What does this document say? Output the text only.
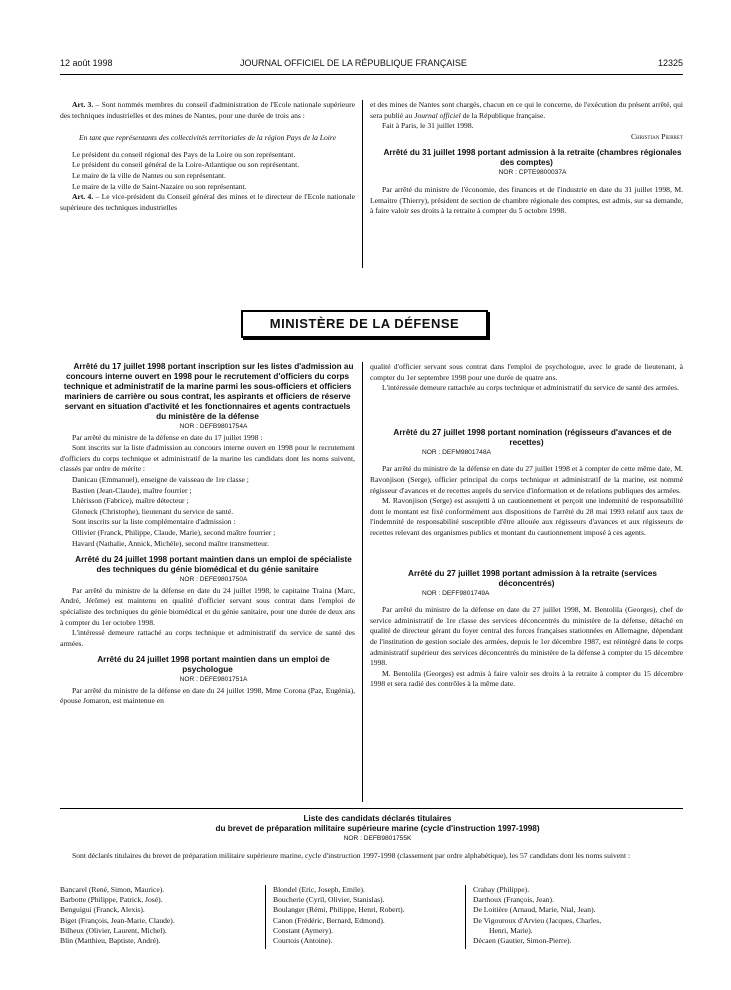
12 août 1998	JOURNAL OFFICIEL DE LA RÉPUBLIQUE FRANÇAISE	12325

Art. 3. – Sont nommés membres du conseil d'administration de l'Ecole nationale supérieure des techniques industrielles et des mines de Nantes, pour une durée de trois ans :

En tant que représentants des collectivités territoriales de la région Pays de la Loire

Le président du conseil régional des Pays de la Loire ou son représentant.

Le président du conseil général de la Loire-Atlantique ou son représentant.

Le maire de la ville de Nantes ou son représentant.

Le maire de la ville de Saint-Nazaire ou son représentant.

Art. 4. – Le vice-président du Conseil général des mines et le directeur de l'Ecole nationale supérieure des techniques industrielles

et des mines de Nantes sont chargés, chacun en ce qui le concerne, de l'exécution du présent arrêté, qui sera publié au Journal officiel de la République française.

Fait à Paris, le 31 juillet 1998.

Christian Pierret

Arrêté du 31 juillet 1998 portant admission à la retraite (chambres régionales des comptes)

NOR : CPTE9800037A

Par arrêté du ministre de l'économie, des finances et de l'industrie en date du 31 juillet 1998, M. Lemaitre (Thierry), président de section de chambre régionale des comptes, est admis, sur sa demande, à faire valoir ses droits à la retraite à compter du 5 octobre 1998.

MINISTÈRE DE LA DÉFENSE

Arrêté du 17 juillet 1998 portant inscription sur les listes d'admission au concours interne ouvert en 1998 pour le recrutement d'officiers du corps technique et administratif de la marine parmi les sous-officiers et officiers mariniers de carrière ou sous contrat, les aspirants et officiers de réserve servant en situation d'activité et les fonctionnaires et agents contractuels du ministère de la défense

NOR : DEFB9801754A

Par arrêté du ministre de la défense en date du 17 juillet 1998 :

Sont inscrits sur la liste d'admission au concours interne ouvert en 1998 pour le recrutement d'officiers du corps technique et administratif de la marine les candidats dont les noms suivent, classés par ordre de mérite :

Danicau (Emmanuel), enseigne de vaisseau de 1re classe ;

Bastien (Jean-Claude), maître fourrier ;

Lhérisson (Fabrice), maître détecteur ;

Gloneck (Christophe), lieutenant du service de santé.

Sont inscrits sur la liste complémentaire d'admission :

Ollivier (Franck, Philippe, Claude, Marie), second maître fourrier ;

Havard (Nathalie, Annick, Michèle), second maître transmetteur.

Arrêté du 24 juillet 1998 portant maintien dans un emploi de spécialiste des techniques du génie biomédical et du génie sanitaire

NOR : DEFE9801750A

Par arrêté du ministre de la défense en date du 24 juillet 1998, le capitaine Traina (Marc, André, Jérôme) est maintenu en qualité d'officier servant sous contrat dans l'emploi de spécialiste des techniques du génie biomédical et du génie sanitaire, pour une durée de deux ans à compter du 1er octobre 1998.

L'intéressé demeure rattaché au corps technique et administratif du service de santé des armées.

Arrêté du 24 juillet 1998 portant maintien dans un emploi de psychologue

NOR : DEFE9801751A

Par arrêté du ministre de la défense en date du 24 juillet 1998, Mme Corona (Paz, Eugénia), épouse Jomaron, est maintenue en

qualité d'officier servant sous contrat dans l'emploi de psychologue, avec le grade de lieutenant, à compter du 1er septembre 1998 pour une durée de quatre ans.

L'intéressée demeure rattachée au corps technique et administratif du service de santé des armées.

Arrêté du 27 juillet 1998 portant nomination (régisseurs d'avances et de recettes)

NOR : DEFM9801748A

Par arrêté du ministre de la défense en date du 27 juillet 1998 et à compter de cette même date, M. Ravonjison (Serge), officier principal du corps technique et administratif de la marine, est nommé régisseur d'avances et de recettes auprès du service d'information et de relations publiques des armées.

M. Ravonjison (Serge) est assujetti à un cautionnement et perçoit une indemnité de responsabilité dont le montant est fixé conformément aux dispositions de l'arrêté du 28 mai 1993 relatif aux taux de l'indemnité de responsabilité susceptible d'être allouée aux régisseurs d'avances et aux régisseurs de recettes relevant des organismes publics et montant du cautionnement imposé à ces agents.

Arrêté du 27 juillet 1998 portant admission à la retraite (services déconcentrés)

NOR : DEFF9801749A

Par arrêté du ministre de la défense en date du 27 juillet 1998, M. Bentolila (Georges), chef de service administratif de 1re classe des services déconcentrés du ministère de la défense, détaché en qualité de directeur gérant du foyer central des forces françaises stationnées en Allemagne, dépendant de l'institution de gestion sociale des armées, depuis le 1er décembre 1987, est réintégré dans le corps administratif supérieur des services déconcentrés du ministère de la défense à compter du 15 décembre 1998.

M. Bentolila (Georges) est admis à faire valoir ses droits à la retraite à compter du 15 décembre 1998 et sera radié des contrôles à la même date.

Liste des candidats déclarés titulaires

du brevet de préparation militaire supérieure marine (cycle d'instruction 1997-1998)

NOR : DEFB9801755K

Sont déclarés titulaires du brevet de préparation militaire supérieure marine, cycle d'instruction 1997-1998 (classement par ordre alphabétique), les 57 candidats dont les noms suivent :

Bancarel (René, Simon, Maurice).
Barbotte (Philippe, Patrick, José).
Benguigui (Franck, Alexis).
Biget (François, Jean-Marie, Claude).
Bilheux (Olivier, Laurent, Michel).
Blin (Matthieu, Baptiste, André).
Blondel (Eric, Joseph, Emile).
Boucherie (Cyril, Olivier, Stanislas).
Boulanger (Rémi, Philippe, Henri, Robert).
Canon (Frédéric, Bernard, Edmond).
Constant (Aymery).
Courtois (Antoine).
Crahay (Philippe).
Darthoux (François, Jean).
De Loitière (Arnaud, Marie, Nial, Jean).
De Vigouroux d'Arvieu (Jacques, Charles,
Henri, Marie).
Décaen (Gautier, Simon-Pierre).
